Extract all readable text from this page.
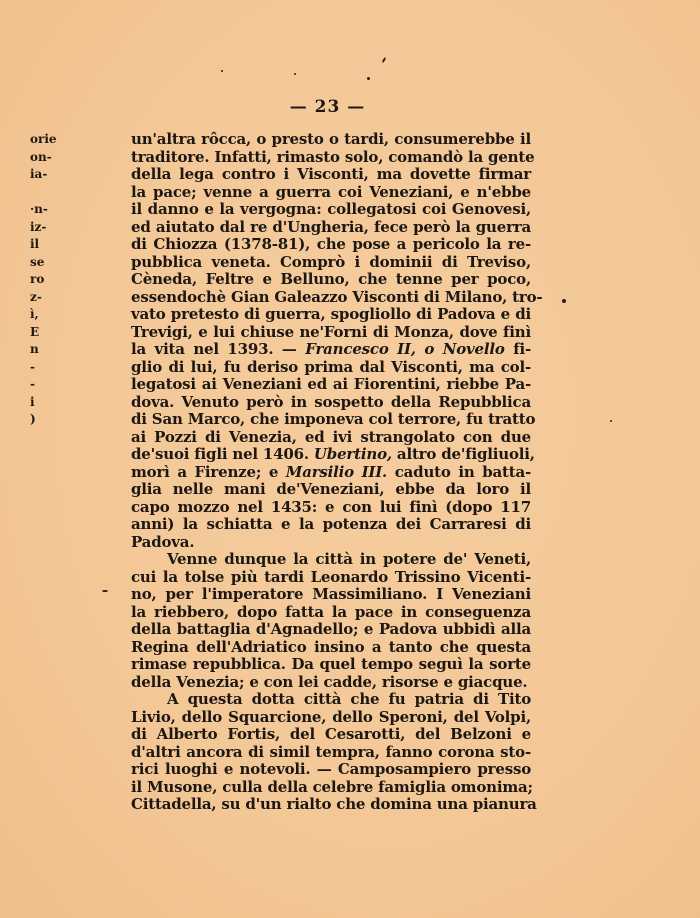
— 23 —
orie
on-
ia-
·n-
iz-
il
se
ro
z-
ì,
E
n
-
-
i
)
un'altra rôcca, o presto o tardi, consumerebbe il
traditore. Infatti, rimasto solo, comandò la gente
della lega contro i Visconti, ma dovette firmar
la pace; venne a guerra coi Veneziani, e n'ebbe
il danno e la vergogna: collegatosi coi Genovesi,
ed aiutato dal re d'Ungheria, fece però la guerra
di Chiozza (1378-81), che pose a pericolo la re-
pubblica veneta. Comprò i dominii di Treviso,
Cèneda, Feltre e Belluno, che tenne per poco,
essendochè Gian Galeazzo Visconti di Milano, tro-
vato pretesto di guerra, spogliollo di Padova e di
Trevigi, e lui chiuse ne'Forni di Monza, dove finì
la vita nel 1393. — Francesco II, o Novello fi-
glio di lui, fu deriso prima dal Visconti, ma col-
legatosi ai Veneziani ed ai Fiorentini, riebbe Pa-
dova. Venuto però in sospetto della Repubblica
di San Marco, che imponeva col terrore, fu tratto
ai Pozzi di Venezia, ed ivi strangolato con due
de'suoi figli nel 1406. Ubertino, altro de'figliuoli,
morì a Firenze; e Marsilio III. caduto in batta-
glia nelle mani de'Veneziani, ebbe da loro il
capo mozzo nel 1435: e con lui finì (dopo 117
anni) la schiatta e la potenza dei Carraresi di
Padova.
Venne dunque la città in potere de' Veneti,
cui la tolse più tardi Leonardo Trissino Vicenti-
no, per l'imperatore Massimiliano. I Veneziani
la riebbero, dopo fatta la pace in conseguenza
della battaglia d'Agnadello; e Padova ubbidì alla
Regina dell'Adriatico insino a tanto che questa
rimase repubblica. Da quel tempo seguì la sorte
della Venezia; e con lei cadde, risorse e giacque.
A questa dotta città che fu patria di Tito
Livio, dello Squarcione, dello Speroni, del Volpi,
di Alberto Fortis, del Cesarotti, del Belzoni e
d'altri ancora di simil tempra, fanno corona sto-
rici luoghi e notevoli. — Camposampiero presso
il Musone, culla della celebre famiglia omonima;
Cittadella, su d'un rialto che domina una pianura
